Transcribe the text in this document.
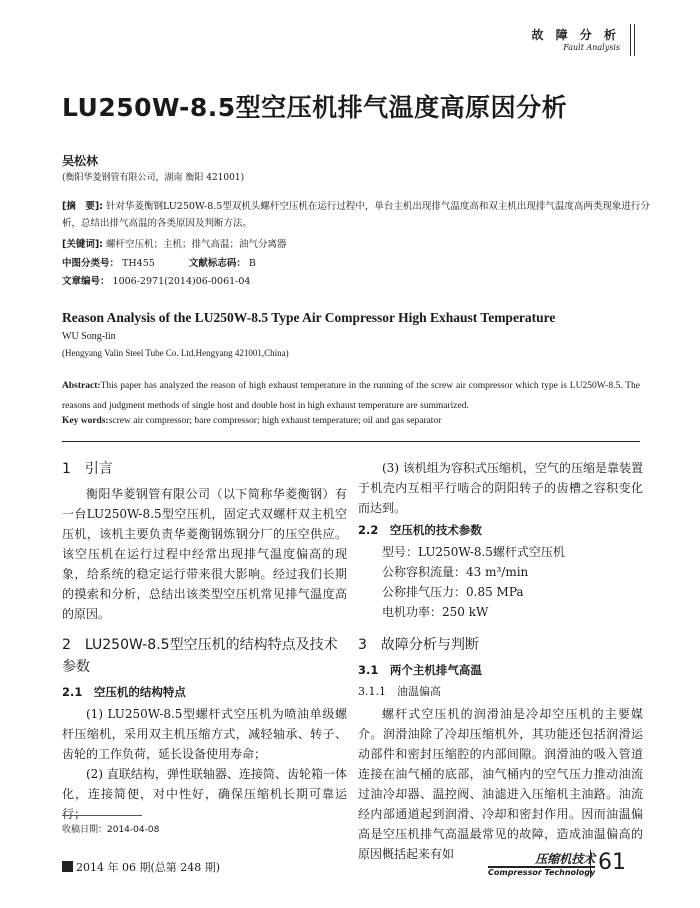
故 障 分 析
Fault Analysis
LU250W-8.5型空压机排气温度高原因分析
吴松林
(衡阳华菱钢管有限公司，湖南 衡阳 421001)
[摘　要]: 针对华菱衡钢LU250W-8.5型双机头螺杆空压机在运行过程中，单台主机出现排气温度高和双主机出现排气温度高两类现象进行分析，总结出排气高温的各类原因及判断方法。
[关键词]: 螺杆空压机；主机；排气高温；油气分离器
中图分类号： TH455	文献标志码： B
文章编号： 1006-2971(2014)06-0061-04
Reason Analysis of the LU250W-8.5 Type Air Compressor High Exhaust Temperature
WU Song-lin
(Hengyang Valin Steel Tube Co. Ltd.Hengyang 421001,China)
Abstract:This paper has analyzed the reason of high exhaust temperature in the running of the screw air compressor which type is LU250W-8.5. The reasons and judgment methods of single host and double host in high exhaust temperature are summarized.
Key words:screw air compressor; bare compressor; high exhaust temperature; oil and gas separator
1　引言

衡阳华菱钢管有限公司（以下简称华菱衡钢）有一台LU250W-8.5型空压机，固定式双螺杆双主机空压机，该机主要负责华菱衡钢炼钢分厂的压空供应。该空压机在运行过程中经常出现排气温度偏高的现象，给系统的稳定运行带来很大影响。经过我们长期的摸索和分析，总结出该类型空压机常见排气温度高的原因。

2　LU250W-8.5型空压机的结构特点及技术参数
2.1　空压机的结构特点

(1) LU250W-8.5型螺杆式空压机为喷油单级螺杆压缩机，采用双主机压缩方式，减轻轴承、转子、齿轮的工作负荷，延长设备使用寿命；

(2) 直联结构，弹性联轴器、连接筒、齿轮箱一体化，连接简便，对中性好，确保压缩机长期可靠运行；

(3) 该机组为容积式压缩机，空气的压缩是靠装置于机壳内互相平行啮合的阴阳转子的齿槽之容积变化而达到。

2.2　空压机的技术参数

型号：LU250W-8.5螺杆式空压机

公称容积流量：43 m³/min

公称排气压力：0.85 MPa

电机功率：250 kW

3　故障分析与判断
3.1　两个主机排气高温
3.1.1　油温偏高

螺杆式空压机的润滑油是冷却空压机的主要媒介。润滑油除了冷却压缩机外，其功能还包括润滑运动部件和密封压缩腔的内部间隙。润滑油的吸入管道连接在油气桶的底部，油气桶内的空气压力推动油流过油冷却器、温控阀、油滤进入压缩机主油路。油流经内部通道起到润滑、冷却和密封作用。因而油温偏高是空压机排气高温最常见的故障，造成油温偏高的原因概括起来有如

收稿日期：2014-04-08
2014 年 06 期(总第 248 期)
压缩机技术
Compressor Technology 61
